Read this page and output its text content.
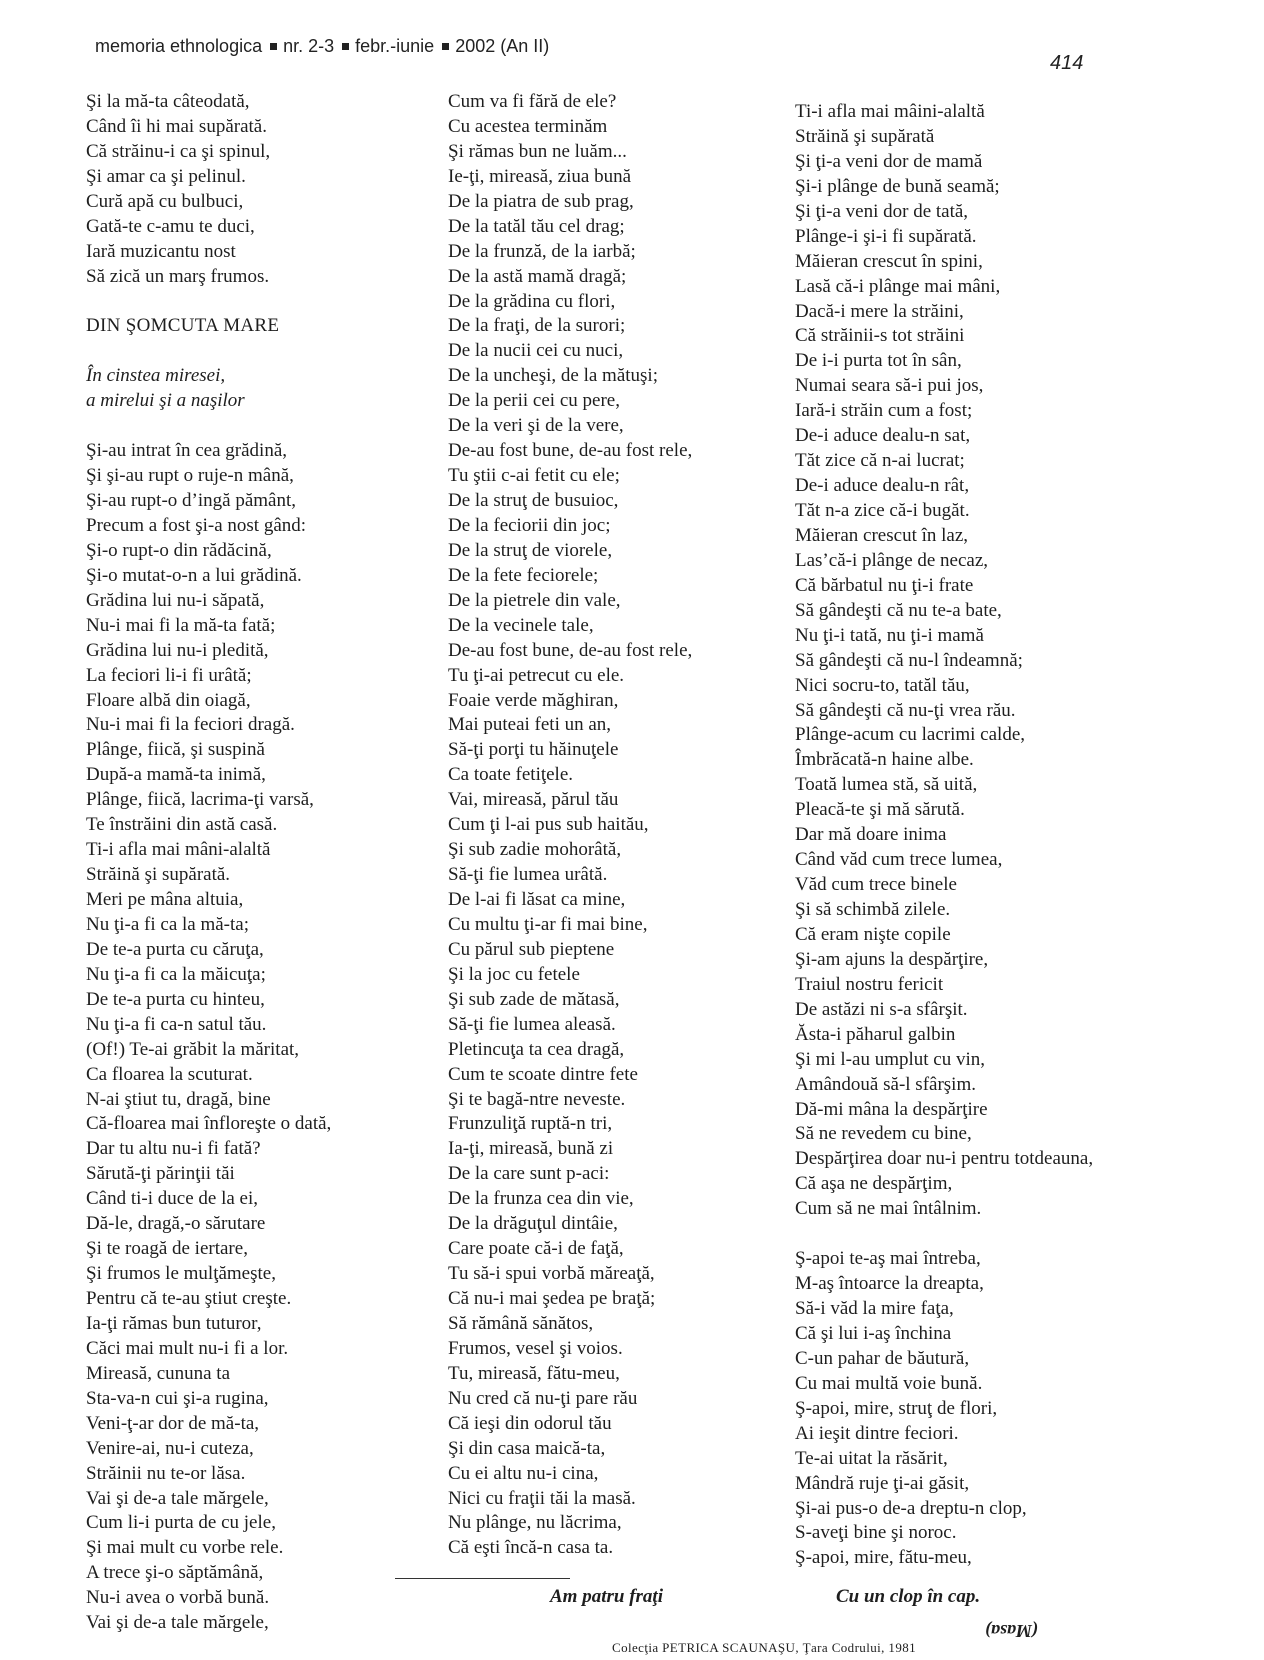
memoria ethnologica nr. 2-3 febr.-iunie 2002 (An II)
414
Şi la mă-ta câteodată,
Când îi hi mai supărată.
Că străinu-i ca şi spinul,
Şi amar ca şi pelinul.
Cură apă cu bulbuci,
Gată-te c-amu te duci,
Iară muzicantu nost
Să zică un marş frumos.
DIN ŞOMCUTA MARE
În cinstea miresei,
a mirelui şi a naşilor
Şi-au intrat în cea grădină,
Şi şi-au rupt o ruje-n mână,
Şi-au rupt-o d’ingă pământ,
Precum a fost şi-a nost gând:
Şi-o rupt-o din rădăcină,
Şi-o mutat-o-n a lui grădină.
Grădina lui nu-i săpată,
Nu-i mai fi la mă-ta fată;
Grădina lui nu-i pledită,
La feciori li-i fi urâtă;
Floare albă din oiagă,
Nu-i mai fi la feciori dragă.
Plânge, fiică, şi suspină
După-a mamă-ta inimă,
Plânge, fiică, lacrima-ţi varsă,
Te înstrăini din astă casă.
Ti-i afla mai mâni-alaltă
Străină şi supărată.
Meri pe mâna altuia,
Nu ţi-a fi ca la mă-ta;
De te-a purta cu căruţa,
Nu ţi-a fi ca la măicuţa;
De te-a purta cu hinteu,
Nu ţi-a fi ca-n satul tău.
(Of!) Te-ai grăbit la măritat,
Ca floarea la scuturat.
N-ai ştiut tu, dragă, bine
Că-floarea mai înfloreşte o dată,
Dar tu altu nu-i fi fată?
Sărută-ţi părinţii tăi
Când ti-i duce de la ei,
Dă-le, dragă,-o sărutare
Şi te roagă de iertare,
Şi frumos le mulţămeşte,
Pentru că te-au ştiut creşte.
Ia-ţi rămas bun tuturor,
Căci mai mult nu-i fi a lor.
Mireasă, cununa ta
Sta-va-n cui şi-a rugina,
Veni-ţ-ar dor de mă-ta,
Venire-ai, nu-i cuteza,
Străinii nu te-or lăsa.
Vai şi de-a tale mărgele,
Cum li-i purta de cu jele,
Şi mai mult cu vorbe rele.
A trece şi-o săptămână,
Nu-i avea o vorbă bună.
Vai şi de-a tale mărgele,
Cum va fi fără de ele?
Cu acestea terminăm
Şi rămas bun ne luăm...
Ie-ţi, mireasă, ziua bună
De la piatra de sub prag,
De la tatăl tău cel drag;
De la frunză, de la iarbă;
De la astă mamă dragă;
De la grădina cu flori,
De la fraţi, de la surori;
De la nucii cei cu nuci,
De la uncheşi, de la mătuşi;
De la perii cei cu pere,
De la veri şi de la vere,
De-au fost bune, de-au fost rele,
Tu ştii c-ai fetit cu ele;
De la struţ de busuioc,
De la feciorii din joc;
De la struţ de viorele,
De la fete feciorele;
De la pietrele din vale,
De la vecinele tale,
De-au fost bune, de-au fost rele,
Tu ţi-ai petrecut cu ele.
Foaie verde măghiran,
Mai puteai feti un an,
Să-ţi porţi tu hăinuţele
Ca toate fetiţele.
Vai, mireasă, părul tău
Cum ţi l-ai pus sub haitău,
Şi sub zadie mohorâtă,
Să-ţi fie lumea urâtă.
De l-ai fi lăsat ca mine,
Cu multu ţi-ar fi mai bine,
Cu părul sub pieptene
Şi la joc cu fetele
Şi sub zade de mătasă,
Să-ţi fie lumea aleasă.
Pletincuţa ta cea dragă,
Cum te scoate dintre fete
Şi te bagă-ntre neveste.
Frunzuliţă ruptă-n tri,
Ia-ţi, mireasă, bună zi
De la care sunt p-aci:
De la frunza cea din vie,
De la drăguţul dintâie,
Care poate că-i de faţă,
Tu să-i spui vorbă măreaţă,
Că nu-i mai şedea pe braţă;
Să rămână sănătos,
Frumos, vesel şi voios.
Tu, mireasă, fătu-meu,
Nu cred că nu-ţi pare rău
Că ieşi din odorul tău
Şi din casa maică-ta,
Cu ei altu nu-i cina,
Nici cu fraţii tăi la masă.
Nu plânge, nu lăcrima,
Că eşti încă-n casa ta.
Ti-i afla mai mâini-alaltă
Străină şi supărată
Şi ţi-a veni dor de mamă
Şi-i plânge de bună seamă;
Şi ţi-a veni dor de tată,
Plânge-i şi-i fi supărată.
Măieran crescut în spini,
Lasă că-i plânge mai mâni,
Dacă-i mere la străini,
Că străinii-s tot străini
De i-i purta tot în sân,
Numai seara să-i pui jos,
Iară-i străin cum a fost;
De-i aduce dealu-n sat,
Tăt zice că n-ai lucrat;
De-i aduce dealu-n rât,
Tăt n-a zice că-i bugăt.
Măieran crescut în laz,
Las’că-i plânge de necaz,
Că bărbatul nu ţi-i frate
Să gândeşti că nu te-a bate,
Nu ţi-i tată, nu ţi-i mamă
Să gândeşti că nu-l îndeamnă;
Nici socru-to, tatăl tău,
Să gândeşti că nu-ţi vrea rău.
Plânge-acum cu lacrimi calde,
Îmbrăcată-n haine albe.
Toată lumea stă, să uită,
Pleacă-te şi mă sărută.
Dar mă doare inima
Când văd cum trece lumea,
Văd cum trece binele
Şi să schimbă zilele.
Că eram nişte copile
Şi-am ajuns la despărţire,
Traiul nostru fericit
De astăzi ni s-a sfârşit.
Ăsta-i păharul galbin
Şi mi l-au umplut cu vin,
Amândouă să-l sfârşim.
Dă-mi mâna la despărţire
Să ne revedem cu bine,
Despărţirea doar nu-i pentru totdeauna,
Că aşa ne despărţim,
Cum să ne mai întâlnim.
Ş-apoi te-aş mai întreba,
M-aş întoarce la dreapta,
Să-i văd la mire faţa,
Că şi lui i-aş închina
C-un pahar de băutură,
Cu mai multă voie bună.
Ş-apoi, mire, struţ de flori,
Ai ieşit dintre feciori.
Te-ai uitat la răsărit,
Mândră ruje ţi-ai găsit,
Şi-ai pus-o de-a dreptu-n clop,
S-aveţi bine şi noroc.
Ş-apoi, mire, fătu-meu,
Am patru fraţi	Cu un clop în cap.
(Masa)
Colecţia PETRICA SCAUNAŞU, Ţara Codrului, 1981
